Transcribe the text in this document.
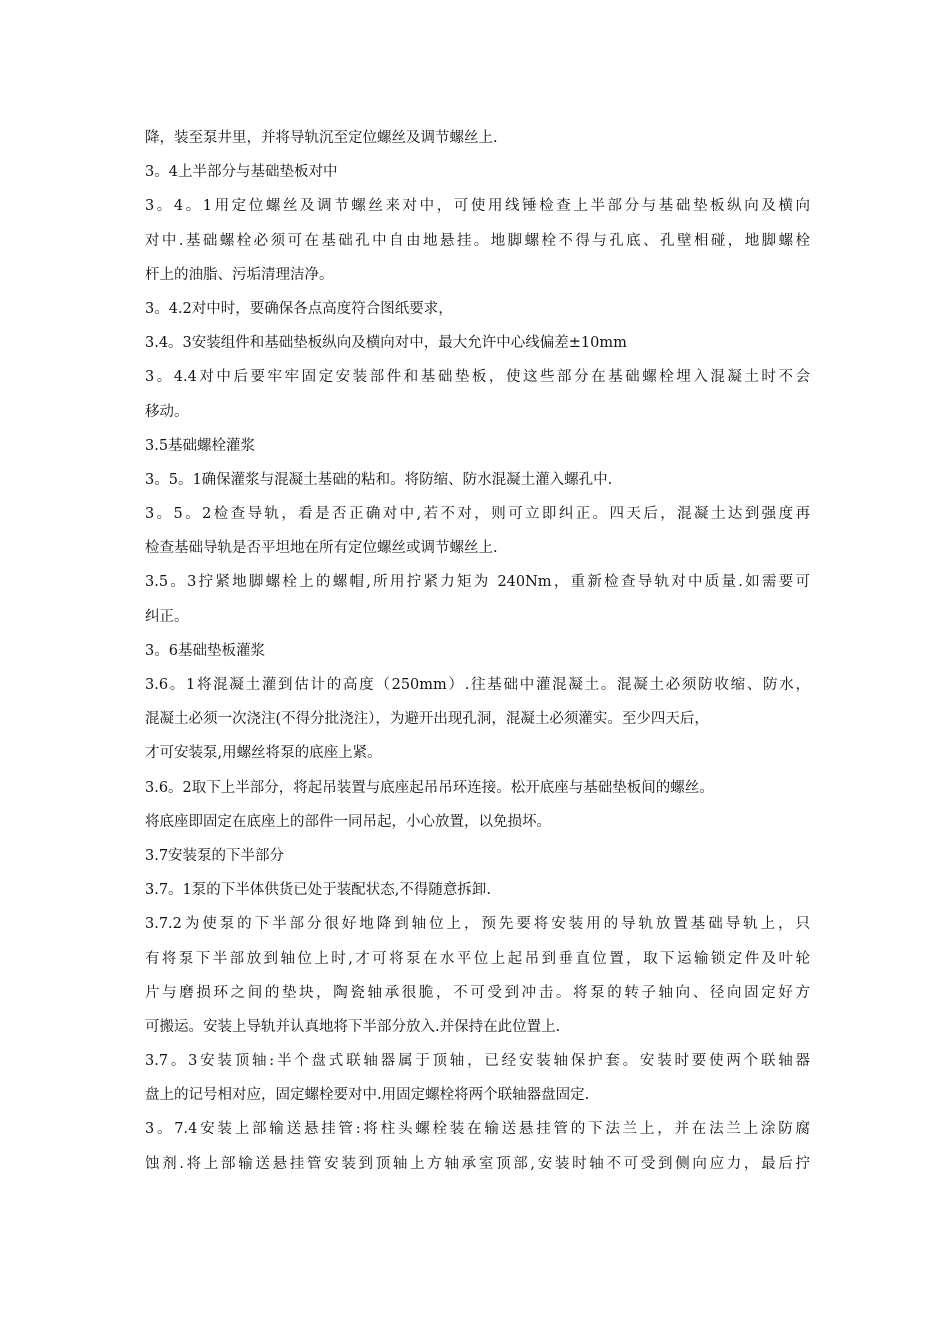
降，装至泵井里，并将导轨沉至定位螺丝及调节螺丝上.
3。4上半部分与基础垫板对中
3。4。1用定位螺丝及调节螺丝来对中，可使用线锤检查上半部分与基础垫板纵向及横向
对中.基础螺栓必须可在基础孔中自由地悬挂。地脚螺栓不得与孔底、孔壁相碰，地脚螺栓
杆上的油脂、污垢清理洁净。
3。4.2对中时，要确保各点高度符合图纸要求，
3.4。3安装组件和基础垫板纵向及横向对中，最大允许中心线偏差±10mm
3。4.4对中后要牢牢固定安装部件和基础垫板，使这些部分在基础螺栓埋入混凝土时不会
移动。
3.5基础螺栓灌浆
3。5。1确保灌浆与混凝土基础的粘和。将防缩、防水混凝土灌入螺孔中.
3。5。2检查导轨，看是否正确对中,若不对，则可立即纠正。四天后，混凝土达到强度再
检查基础导轨是否平坦地在所有定位螺丝或调节螺丝上.
3.5。3拧紧地脚螺栓上的螺帽,所用拧紧力矩为 240Nm，重新检查导轨对中质量.如需要可
纠正。
3。6基础垫板灌浆
3.6。1将混凝土灌到估计的高度（250mm）.往基础中灌混凝土。混凝土必须防收缩、防水，
混凝土必须一次浇注(不得分批浇注），为避开出现孔洞，混凝土必须灌实。至少四天后，
才可安装泵,用螺丝将泵的底座上紧。
3.6。2取下上半部分，将起吊装置与底座起吊吊环连接。松开底座与基础垫板间的螺丝。
将底座即固定在底座上的部件一同吊起，小心放置，以免损坏。
3.7安装泵的下半部分
3.7。1泵的下半体供货已处于装配状态,不得随意拆卸.
3.7.2为使泵的下半部分很好地降到轴位上，预先要将安装用的导轨放置基础导轨上，只
有将泵下半部放到轴位上时,才可将泵在水平位上起吊到垂直位置，取下运输锁定件及叶轮
片与磨损环之间的垫块，陶瓷轴承很脆，不可受到冲击。将泵的转子轴向、径向固定好方
可搬运。安装上导轨并认真地将下半部分放入.并保持在此位置上.
3.7。3安装顶轴:半个盘式联轴器属于顶轴，已经安装轴保护套。安装时要使两个联轴器
盘上的记号相对应，固定螺栓要对中.用固定螺栓将两个联轴器盘固定.
3。7.4安装上部输送悬挂管:将柱头螺栓装在输送悬挂管的下法兰上，并在法兰上涂防腐
蚀剂.将上部输送悬挂管安装到顶轴上方轴承室顶部,安装时轴不可受到侧向应力，最后拧
